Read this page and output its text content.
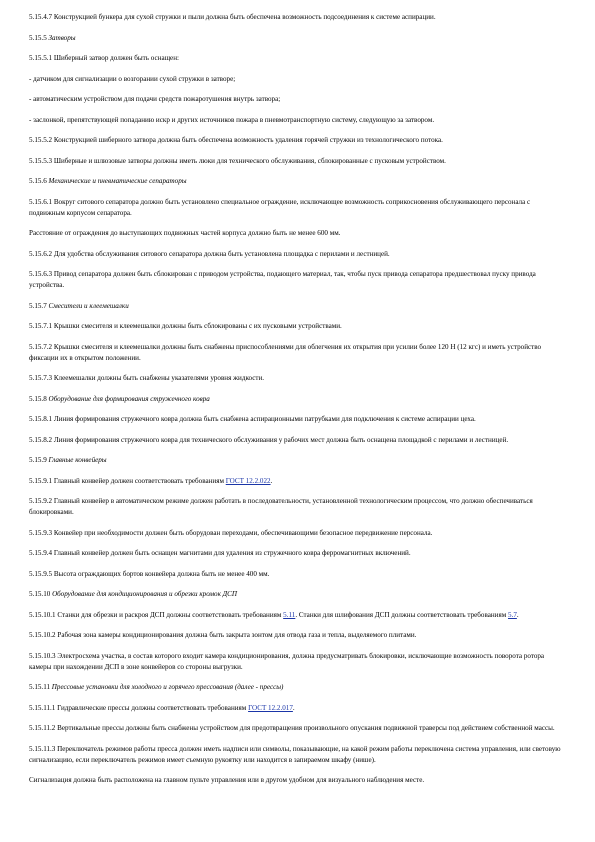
5.15.4.7 Конструкцией бункера для сухой стружки и пыли должна быть обеспечена возможность подсоединения к системе аспирации.

5.15.5 Затворы

5.15.5.1 Шиберный затвор должен быть оснащен:

- датчиком для сигнализации о возгорании сухой стружки в затворе;

- автоматическим устройством для подачи средств пожаротушения внутрь затвора;

- заслонкой, препятствующей попаданию искр и других источников пожара в пневмотранспортную систему, следующую за затвором.

5.15.5.2 Конструкцией шиберного затвора должна быть обеспечена возможность удаления горячей стружки из технологического потока.

5.15.5.3 Шиберные и шлюзовые затворы должны иметь люки для технического обслуживания, сблокированные с пусковым устройством.

5.15.6 Механические и пневматические сепараторы

5.15.6.1 Вокруг ситового сепаратора должно быть установлено специальное ограждение, исключающее возможность соприкосновения обслуживающего персонала с подвижным корпусом сепаратора.

Расстояние от ограждения до выступающих подвижных частей корпуса должно быть не менее 600 мм.

5.15.6.2 Для удобства обслуживания ситового сепаратора должна быть установлена площадка с перилами и лестницей.

5.15.6.3 Привод сепаратора должен быть сблокирован с приводом устройства, подающего материал, так, чтобы пуск привода сепаратора предшествовал пуску привода устройства.

5.15.7 Смесители и клеемешалки

5.15.7.1 Крышки смесителя и клеемешалки должны быть сблокированы с их пусковыми устройствами.

5.15.7.2 Крышки смесителя и клеемешалки должны быть снабжены приспособлениями для облегчения их открытия при усилии более 120 Н (12 кгс) и иметь устройство фиксации их в открытом положении.

5.15.7.3 Клеемешалки должны быть снабжены указателями уровня жидкости.

5.15.8 Оборудование для формирования стружечного ковра

5.15.8.1 Линия формирования стружечного ковра должна быть снабжена аспирационными патрубками для подключения к системе аспирации цеха.

5.15.8.2 Линия формирования стружечного ковра для технического обслуживания у рабочих мест должна быть оснащена площадкой с перилами и лестницей.

5.15.9 Главные конвейеры

5.15.9.1 Главный конвейер должен соответствовать требованиям ГОСТ 12.2.022.

5.15.9.2 Главный конвейер в автоматическом режиме должен работать в последовательности, установленной технологическим процессом, что должно обеспечиваться блокировками.

5.15.9.3 Конвейер при необходимости должен быть оборудован переходами, обеспечивающими безопасное передвижение персонала.

5.15.9.4 Главный конвейер должен быть оснащен магнитами для удаления из стружечного ковра ферромагнитных включений.

5.15.9.5 Высота ограждающих бортов конвейера должна быть не менее 400 мм.

5.15.10 Оборудование для кондиционирования и обрезки кромок ДСП

5.15.10.1 Станки для обрезки и раскроя ДСП должны соответствовать требованиям 5.11. Станки для шлифования ДСП должны соответствовать требованиям 5.7.

5.15.10.2 Рабочая зона камеры кондиционирования должна быть закрыта зонтом для отвода газа и тепла, выделяемого плитами.

5.15.10.3 Электросхема участка, в состав которого входит камера кондиционирования, должна предусматривать блокировки, исключающие возможность поворота ротора камеры при нахождении ДСП в зоне конвейеров со стороны выгрузки.

5.15.11 Прессовые установки для холодного и горячего прессования (далее - прессы)

5.15.11.1 Гидравлические прессы должны соответствовать требованиям ГОСТ 12.2.017.

5.15.11.2 Вертикальные прессы должны быть снабжены устройством для предотвращения произвольного опускания подвижной траверсы под действием собственной массы.

5.15.11.3 Переключатель режимов работы пресса должен иметь надписи или символы, показывающие, на какой режим работы переключена система управления, или световую сигнализацию, если переключатель режимов имеет съемную рукоятку или находится в запираемом шкафу (нише).

Сигнализация должна быть расположена на главном пульте управления или в другом удобном для визуального наблюдения месте.
